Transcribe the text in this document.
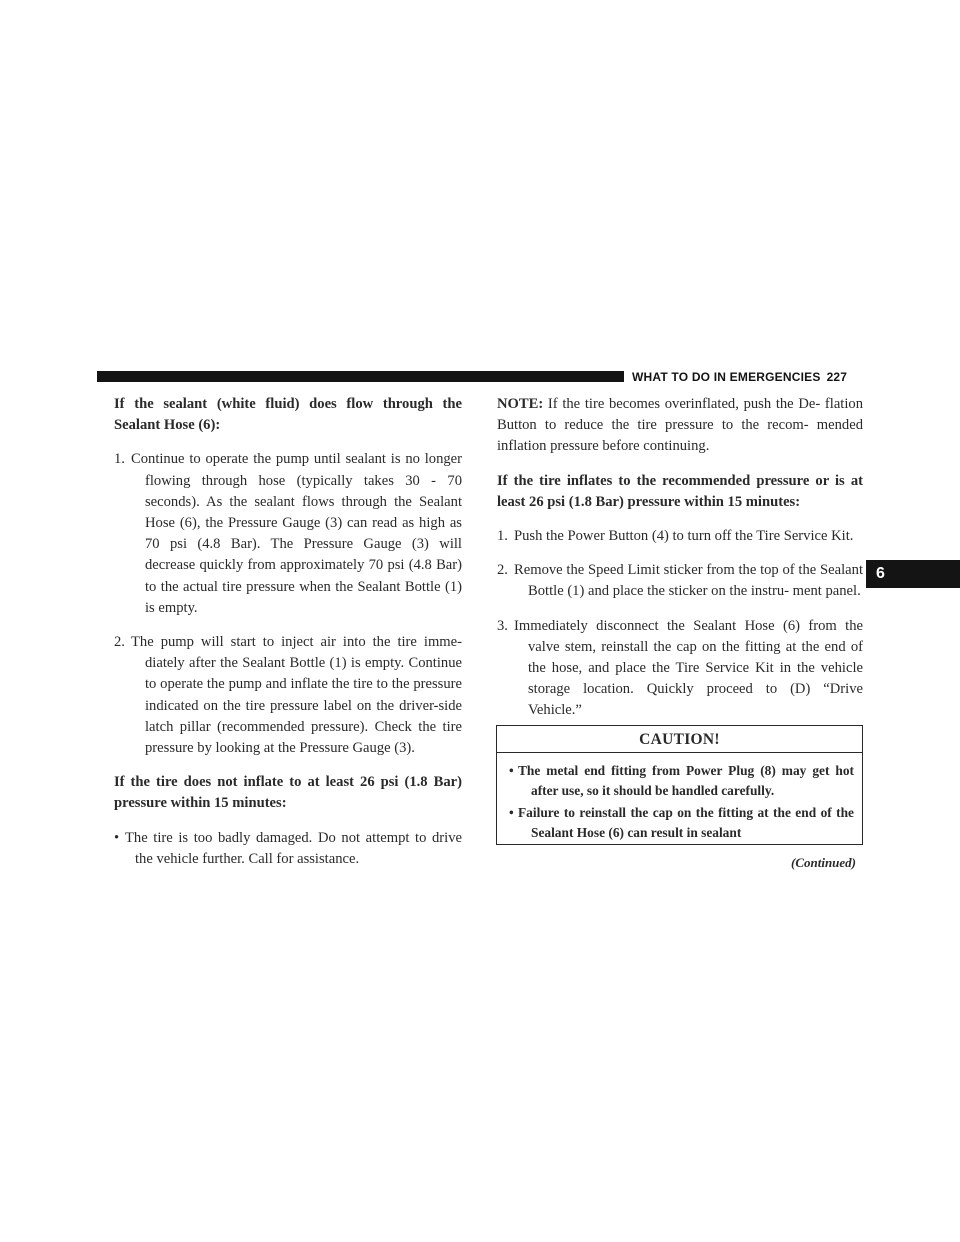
WHAT TO DO IN EMERGENCIES 227
6

If the sealant (white fluid) does flow through the Sealant Hose (6):

1. Continue to operate the pump until sealant is no longer flowing through hose (typically takes 30 - 70 seconds). As the sealant flows through the Sealant Hose (6), the Pressure Gauge (3) can read as high as 70 psi (4.8 Bar). The Pressure Gauge (3) will decrease quickly from approximately 70 psi (4.8 Bar) to the actual tire pressure when the Sealant Bottle (1) is empty.
2. The pump will start to inject air into the tire imme- diately after the Sealant Bottle (1) is empty. Continue to operate the pump and inflate the tire to the pressure indicated on the tire pressure label on the driver-side latch pillar (recommended pressure). Check the tire pressure by looking at the Pressure Gauge (3).

If the tire does not inflate to at least 26 psi (1.8 Bar) pressure within 15 minutes:

• The tire is too badly damaged. Do not attempt to drive the vehicle further. Call for assistance.

NOTE: If the tire becomes overinflated, push the De- flation Button to reduce the tire pressure to the recom- mended inflation pressure before continuing.

If the tire inflates to the recommended pressure or is at least 26 psi (1.8 Bar) pressure within 15 minutes:

1. Push the Power Button (4) to turn off the Tire Service Kit.
2. Remove the Speed Limit sticker from the top of the Sealant Bottle (1) and place the sticker on the instru- ment panel.
3. Immediately disconnect the Sealant Hose (6) from the valve stem, reinstall the cap on the fitting at the end of the hose, and place the Tire Service Kit in the vehicle storage location. Quickly proceed to (D) “Drive Vehicle.”
CAUTION!
• The metal end fitting from Power Plug (8) may get hot after use, so it should be handled carefully.
• Failure to reinstall the cap on the fitting at the end of the Sealant Hose (6) can result in sealant
(Continued)
